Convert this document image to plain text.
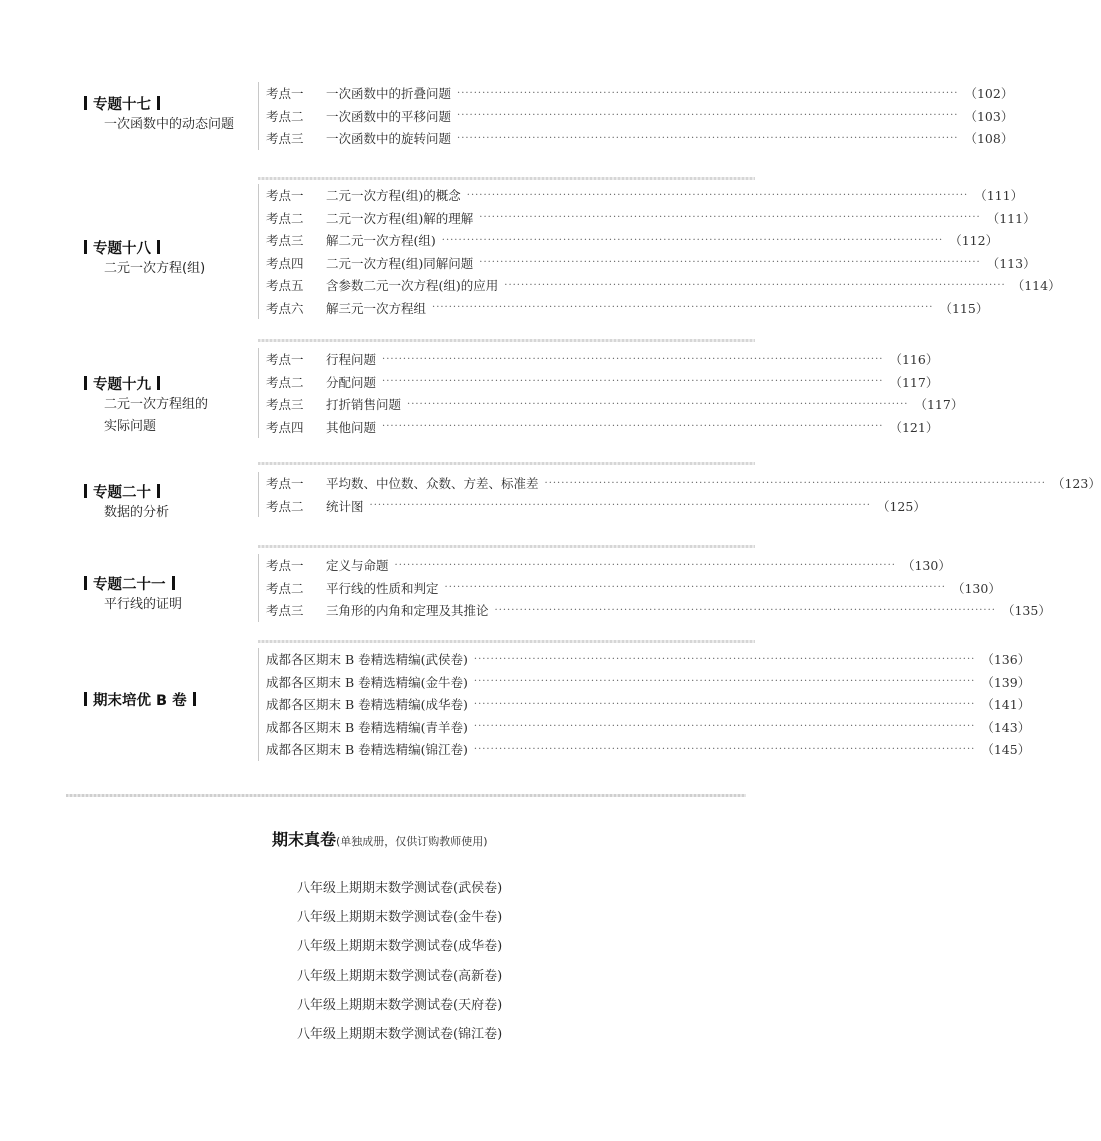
专题十七
一次函数中的动态问题
考点一	一次函数中的折叠问题 ························································································································ （102）
考点二	一次函数中的平移问题 ························································································································ （103）
考点三	一次函数中的旋转问题 ························································································································ （108）
专题十八
二元一次方程(组)
考点一	二元一次方程(组)的概念 ························································································································ （111）
考点二	二元一次方程(组)解的理解 ························································································································ （111）
考点三	解二元一次方程(组) ························································································································ （112）
考点四	二元一次方程(组)同解问题 ························································································································ （113）
考点五	含参数二元一次方程(组)的应用 ························································································································ （114）
考点六	解三元一次方程组 ························································································································ （115）
专题十九
二元一次方程组的
实际问题
考点一	行程问题 ························································································································ （116）
考点二	分配问题 ························································································································ （117）
考点三	打折销售问题 ························································································································ （117）
考点四	其他问题 ························································································································ （121）
专题二十
数据的分析
考点一	平均数、中位数、众数、方差、标准差 ························································································································ （123）
考点二	统计图 ························································································································ （125）
专题二十一
平行线的证明
考点一	定义与命题 ························································································································ （130）
考点二	平行线的性质和判定 ························································································································ （130）
考点三	三角形的内角和定理及其推论 ························································································································ （135）
期末培优 B 卷
成都各区期末 B 卷精选精编(武侯卷) ························································································································ （136）
成都各区期末 B 卷精选精编(金牛卷) ························································································································ （139）
成都各区期末 B 卷精选精编(成华卷) ························································································································ （141）
成都各区期末 B 卷精选精编(青羊卷) ························································································································ （143）
成都各区期末 B 卷精选精编(锦江卷) ························································································································ （145）
期末真卷(单独成册，仅供订购教师使用)
八年级上期期末数学测试卷(武侯卷)
八年级上期期末数学测试卷(金牛卷)
八年级上期期末数学测试卷(成华卷)
八年级上期期末数学测试卷(高新卷)
八年级上期期末数学测试卷(天府卷)
八年级上期期末数学测试卷(锦江卷)
